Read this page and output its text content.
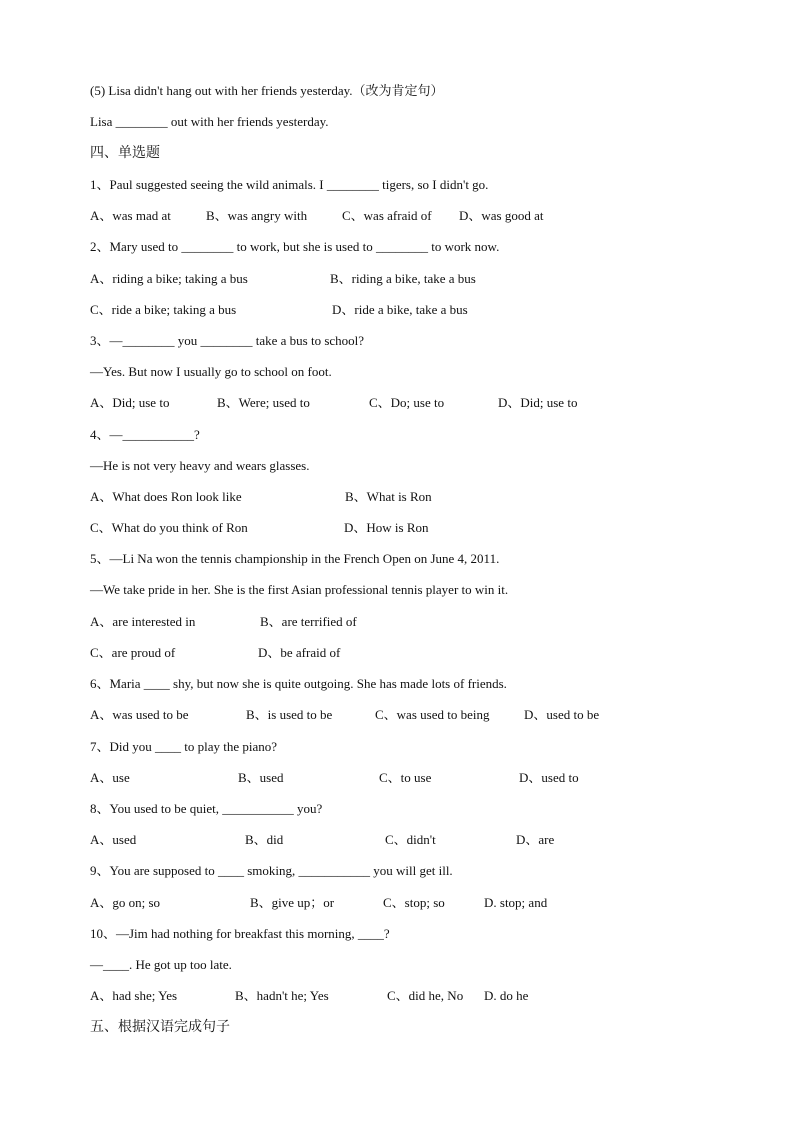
(5) Lisa didn't hang out with her friends yesterday.（改为肯定句）
Lisa ________ out with her friends yesterday.
四、单选题
1、Paul suggested seeing the wild animals. I ________ tigers, so I didn't go.
A、was mad at	B、was angry with	C、was afraid of D、was good at
2、Mary used to ________ to work, but she is used to ________ to work now.
A、riding a bike; taking a bus	B、riding a bike, take a bus
C、ride a bike; taking a bus	D、ride a bike, take a bus
3、—________ you ________ take a bus to school?
—Yes. But now I usually go to school on foot.
A、Did; use to	B、Were; used to	C、Do; use to	D、Did; use to
4、—___________?
—He is not very heavy and wears glasses.
A、What does Ron look like	B、What is Ron
C、What do you think of Ron	D、How is Ron
5、—Li Na won the tennis championship in the French Open on June 4, 2011.
—We take pride in her. She is the first Asian professional tennis player to win it.
A、are interested in	B、are terrified of
C、are proud of	D、be afraid of
6、Maria ____ shy, but now she is quite outgoing. She has made lots of friends.
A、was used to be	B、is used to be	C、was used to being	D、used to be
7、Did you ____ to play the piano?
A、use	B、used	C、to use	D、used to
8、You used to be quiet, ___________ you?
A、used	B、did	C、didn't	D、are
9、You are supposed to ____ smoking, ___________ you will get ill.
A、go on; so	B、give up；or	C、stop; so	D. stop; and
10、—Jim had nothing for breakfast this morning, ____?
—____. He got up too late.
A、had she; Yes	B、hadn't he; Yes	C、did he, No D. do he
五、根据汉语完成句子
